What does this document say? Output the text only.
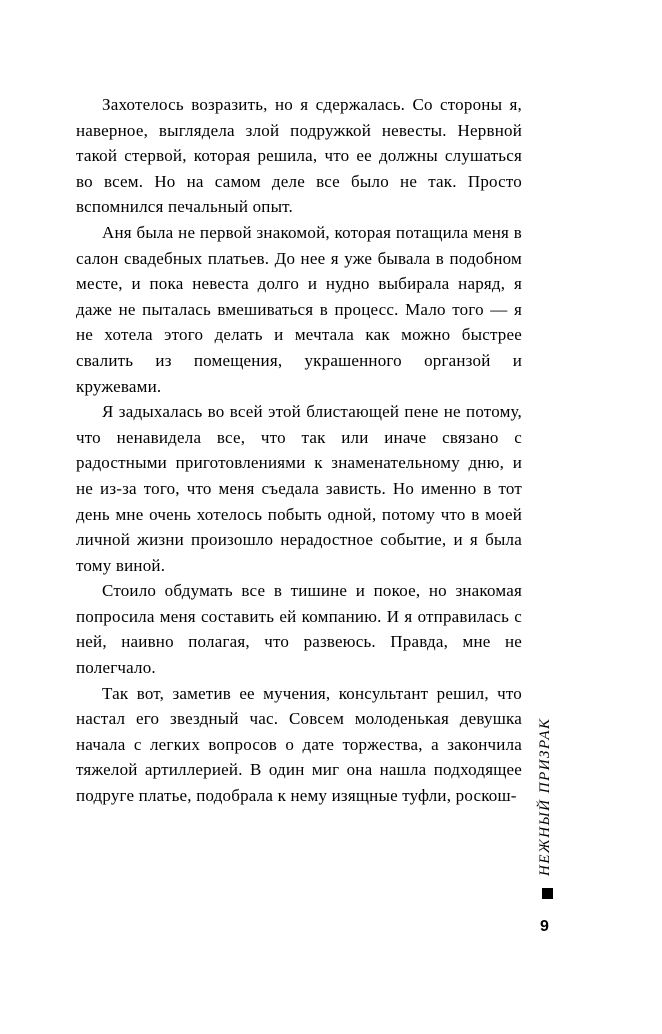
Захотелось возразить, но я сдержалась. Со стороны я, наверное, выглядела злой подружкой невесты. Нервной такой стервой, которая решила, что ее должны слушаться во всем. Но на самом деле все было не так. Просто вспомнился печальный опыт.

Аня была не первой знакомой, которая потащила меня в салон свадебных платьев. До нее я уже бывала в подобном месте, и пока невеста долго и нудно выбирала наряд, я даже не пыталась вмешиваться в процесс. Мало того — я не хотела этого делать и мечтала как можно быстрее свалить из помещения, украшенного органзой и кружевами.

Я задыхалась во всей этой блистающей пене не потому, что ненавидела все, что так или иначе связано с радостными приготовлениями к знаменательному дню, и не из-за того, что меня съедала зависть. Но именно в тот день мне очень хотелось побыть одной, потому что в моей личной жизни произошло нерадостное событие, и я была тому виной.

Стоило обдумать все в тишине и покое, но знакомая попросила меня составить ей компанию. И я отправилась с ней, наивно полагая, что развеюсь. Правда, мне не полегчало.

Так вот, заметив ее мучения, консультант решил, что настал его звездный час. Совсем молоденькая девушка начала с легких вопросов о дате торжества, а закончила тяжелой артиллерией. В один миг она нашла подходящее подруге платье, подобрала к нему изящные туфли, роскош-	НЕЖНЫЙ ПРИЗРАК
9
